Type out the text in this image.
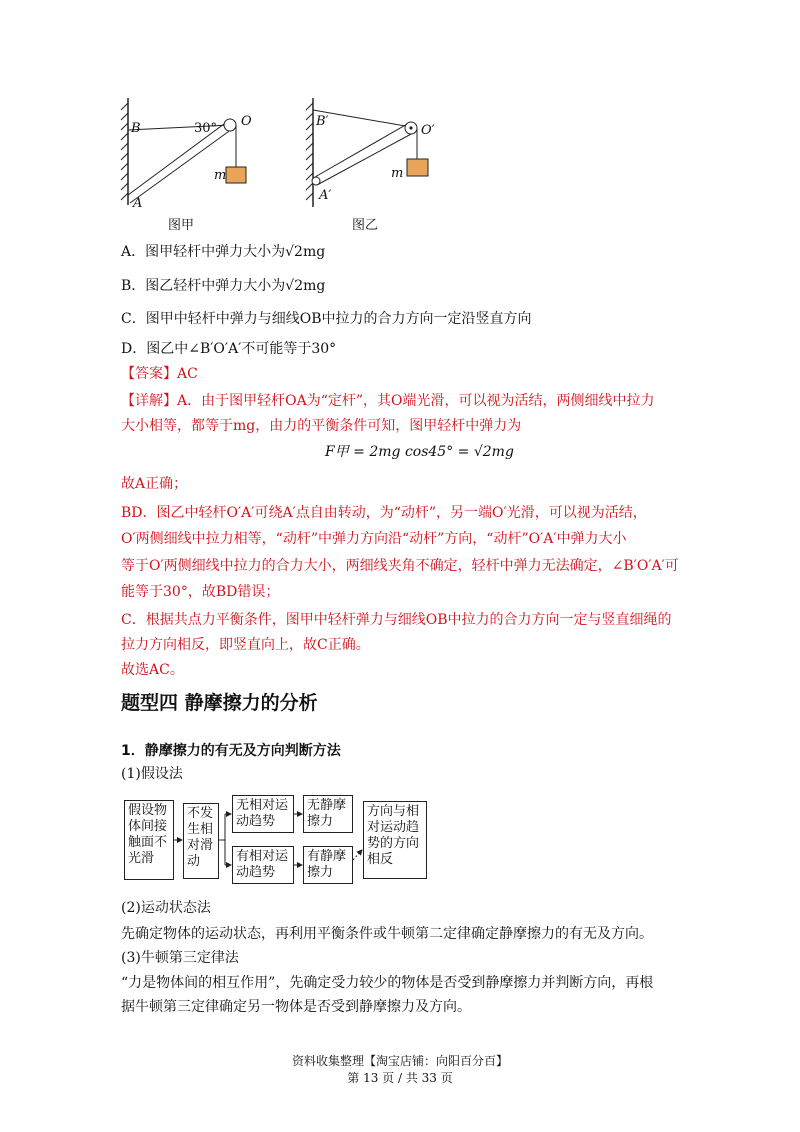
B	30° O
m
A
图甲
B′
O′
m
A′
图乙
A．图甲轻杆中弹力大小为√2mg
B．图乙轻杆中弹力大小为√2mg
C．图甲中轻杆中弹力与细线OB中拉力的合力方向一定沿竖直方向
D．图乙中∠B′O′A′不可能等于30°
【答案】AC
【详解】A．由于图甲轻杆OA为“定杆”，其O端光滑，可以视为活结，两侧细线中拉力
大小相等，都等于mg，由力的平衡条件可知，图甲轻杆中弹力为
F甲 = 2mg cos45° = √2mg
故A正确；
BD．图乙中轻杆O′A′可绕A′点自由转动，为“动杆”，另一端O′光滑，可以视为活结，
O′两侧细线中拉力相等，“动杆”中弹力方向沿“动杆”方向，“动杆”O′A′中弹力大小
等于O′两侧细线中拉力的合力大小，两细线夹角不确定，轻杆中弹力无法确定，∠B′O′A′可
能等于30°，故BD错误；
C．根据共点力平衡条件，图甲中轻杆弹力与细线OB中拉力的合力方向一定与竖直细绳的
拉力方向相反，即竖直向上，故C正确。
故选AC。
题型四 静摩擦力的分析
1．静摩擦力的有无及方向判断方法
(1)假设法
假设物体间接触面不光滑
不发生相对滑动
无相对运动趋势
无静摩擦力
有相对运动趋势
有静摩擦力
方向与相对运动趋势的方向相反
(2)运动状态法
先确定物体的运动状态，再利用平衡条件或牛顿第二定律确定静摩擦力的有无及方向。
(3)牛顿第三定律法
“力是物体间的相互作用”，先确定受力较少的物体是否受到静摩擦力并判断方向，再根
据牛顿第三定律确定另一物体是否受到静摩擦力及方向。
资料收集整理【淘宝店铺：向阳百分百】
第 13 页 / 共 33 页
